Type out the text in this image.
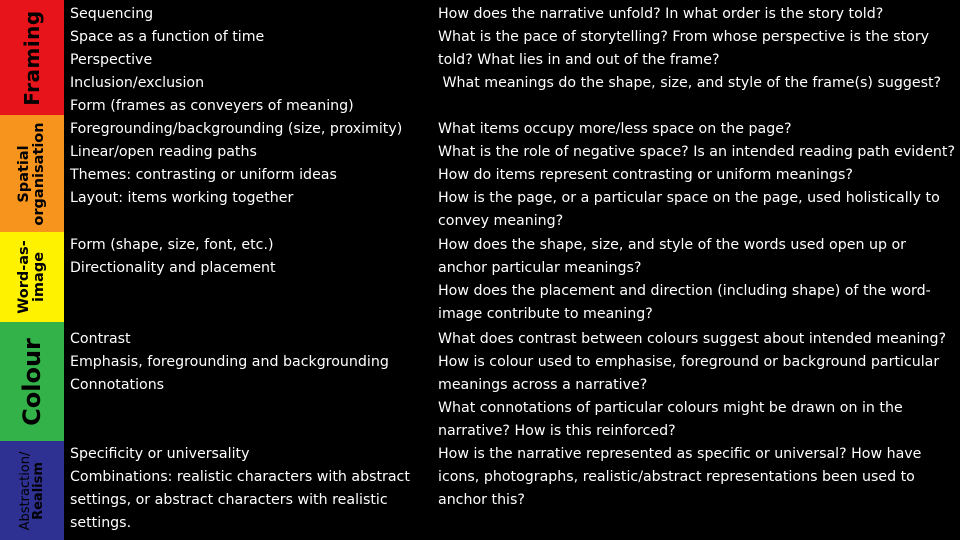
Framing
Spatial
organisation
Word-as-
image
Colour
Abstraction/
Realism
Sequencing
Space as a function of time
Perspective
Inclusion/exclusion
Form (frames as conveyers of meaning)
Foregrounding/backgrounding (size, proximity)
Linear/open reading paths
Themes: contrasting or uniform ideas
Layout: items working together
Form (shape, size, font, etc.)
Directionality and placement
Contrast
Emphasis, foregrounding and backgrounding
Connotations
Specificity or universality
Combinations: realistic characters with abstract
settings, or abstract characters with realistic
settings.
How does the narrative unfold? In what order is the story told?
What is the pace of storytelling? From whose perspective is the story
told? What lies in and out of the frame?
What meanings do the shape, size, and style of the frame(s) suggest?
What items occupy more/less space on the page?
What is the role of negative space? Is an intended reading path evident?
How do items represent contrasting or uniform meanings?
How is the page, or a particular space on the page, used holistically to
convey meaning?
How does the shape, size, and style of the words used open up or
anchor particular meanings?
How does the placement and direction (including shape) of the word-
image contribute to meaning?
What does contrast between colours suggest about intended meaning?
How is colour used to emphasise, foreground or background particular
meanings across a narrative?
What connotations of particular colours might be drawn on in the
narrative? How is this reinforced?
How is the narrative represented as specific or universal? How have
icons, photographs, realistic/abstract representations been used to
anchor this?
